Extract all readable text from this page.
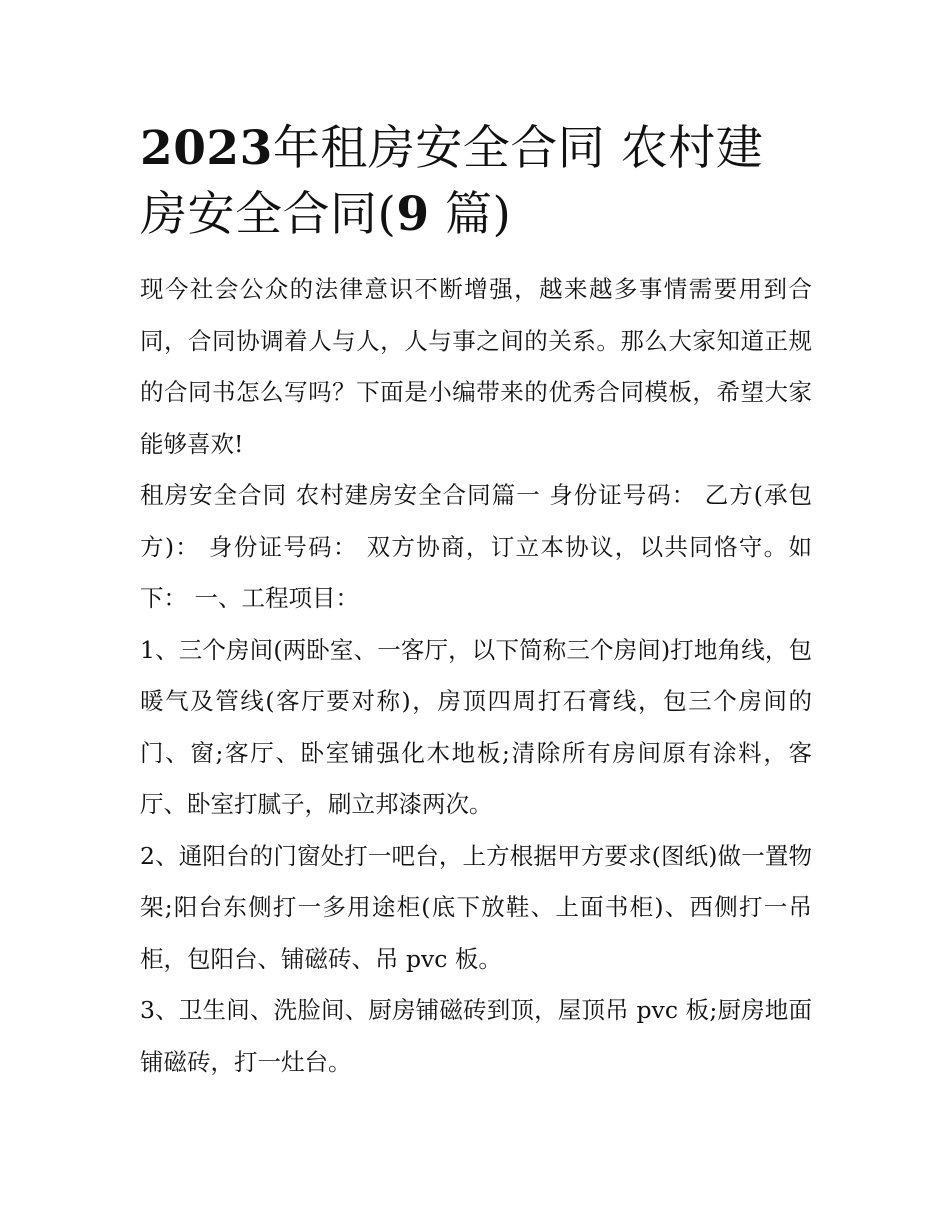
2023年租房安全合同 农村建
房安全合同(9 篇)

现今社会公众的法律意识不断增强，越来越多事情需要用到合同，合同协调着人与人，人与事之间的关系。那么大家知道正规的合同书怎么写吗？下面是小编带来的优秀合同模板，希望大家能够喜欢!

租房安全合同 农村建房安全合同篇一 身份证号码： 乙方(承包方)： 身份证号码： 双方协商，订立本协议，以共同恪守。如下： 一、工程项目：

1、三个房间(两卧室、一客厅，以下简称三个房间)打地角线，包暖气及管线(客厅要对称)，房顶四周打石膏线，包三个房间的门、窗;客厅、卧室铺强化木地板;清除所有房间原有涂料，客厅、卧室打腻子，刷立邦漆两次。

2、通阳台的门窗处打一吧台，上方根据甲方要求(图纸)做一置物架;阳台东侧打一多用途柜(底下放鞋、上面书柜)、西侧打一吊柜，包阳台、铺磁砖、吊 pvc 板。

3、卫生间、洗脸间、厨房铺磁砖到顶，屋顶吊 pvc 板;厨房地面铺磁砖，打一灶台。
